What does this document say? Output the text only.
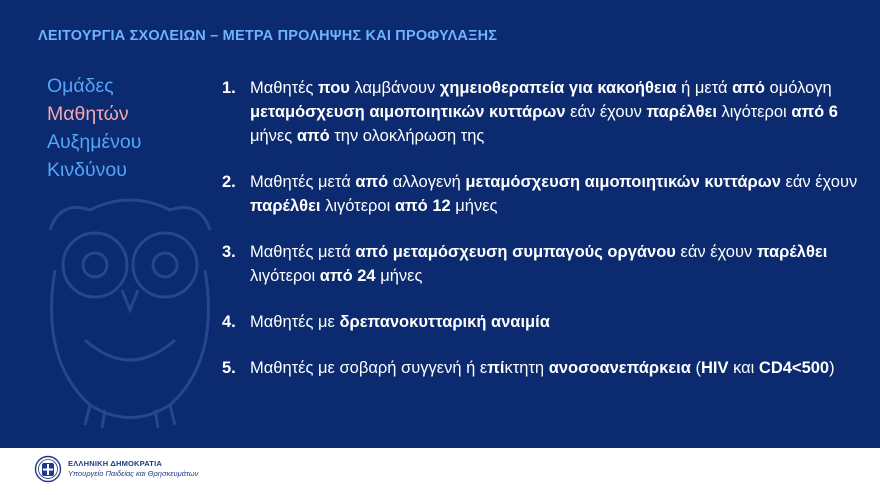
ΛΕΙΤΟΥΡΓΙΑ ΣΧΟΛΕΙΩΝ – ΜΕΤΡΑ ΠΡΟΛΗΨΗΣ ΚΑΙ ΠΡΟΦΥΛΑΞΗΣ
Ομάδες
Μαθητών
Αυξημένου
Κινδύνου
1. Μαθητές που λαμβάνουν χημειοθεραπεία για κακοήθεια ή μετά από ομόλογη μεταμόσχευση αιμοποιητικών κυττάρων εάν έχουν παρέλθει λιγότεροι από 6 μήνες από την ολοκλήρωση της
2. Μαθητές μετά από αλλογενή μεταμόσχευση αιμοποιητικών κυττάρων εάν έχουν παρέλθει λιγότεροι από 12 μήνες
3. Μαθητές μετά από μεταμόσχευση συμπαγούς οργάνου εάν έχουν παρέλθει λιγότεροι από 24 μήνες
4. Μαθητές με δρεπανοκυτταρική αναιμία
5. Μαθητές με σοβαρή συγγενή ή επίκτητη ανοσοανεπάρκεια (HIV και CD4<500)
ΕΛΛΗΝΙΚΗ ΔΗΜΟΚΡΑΤΙΑ
Υπουργείο Παιδείας και Θρησκευμάτων
